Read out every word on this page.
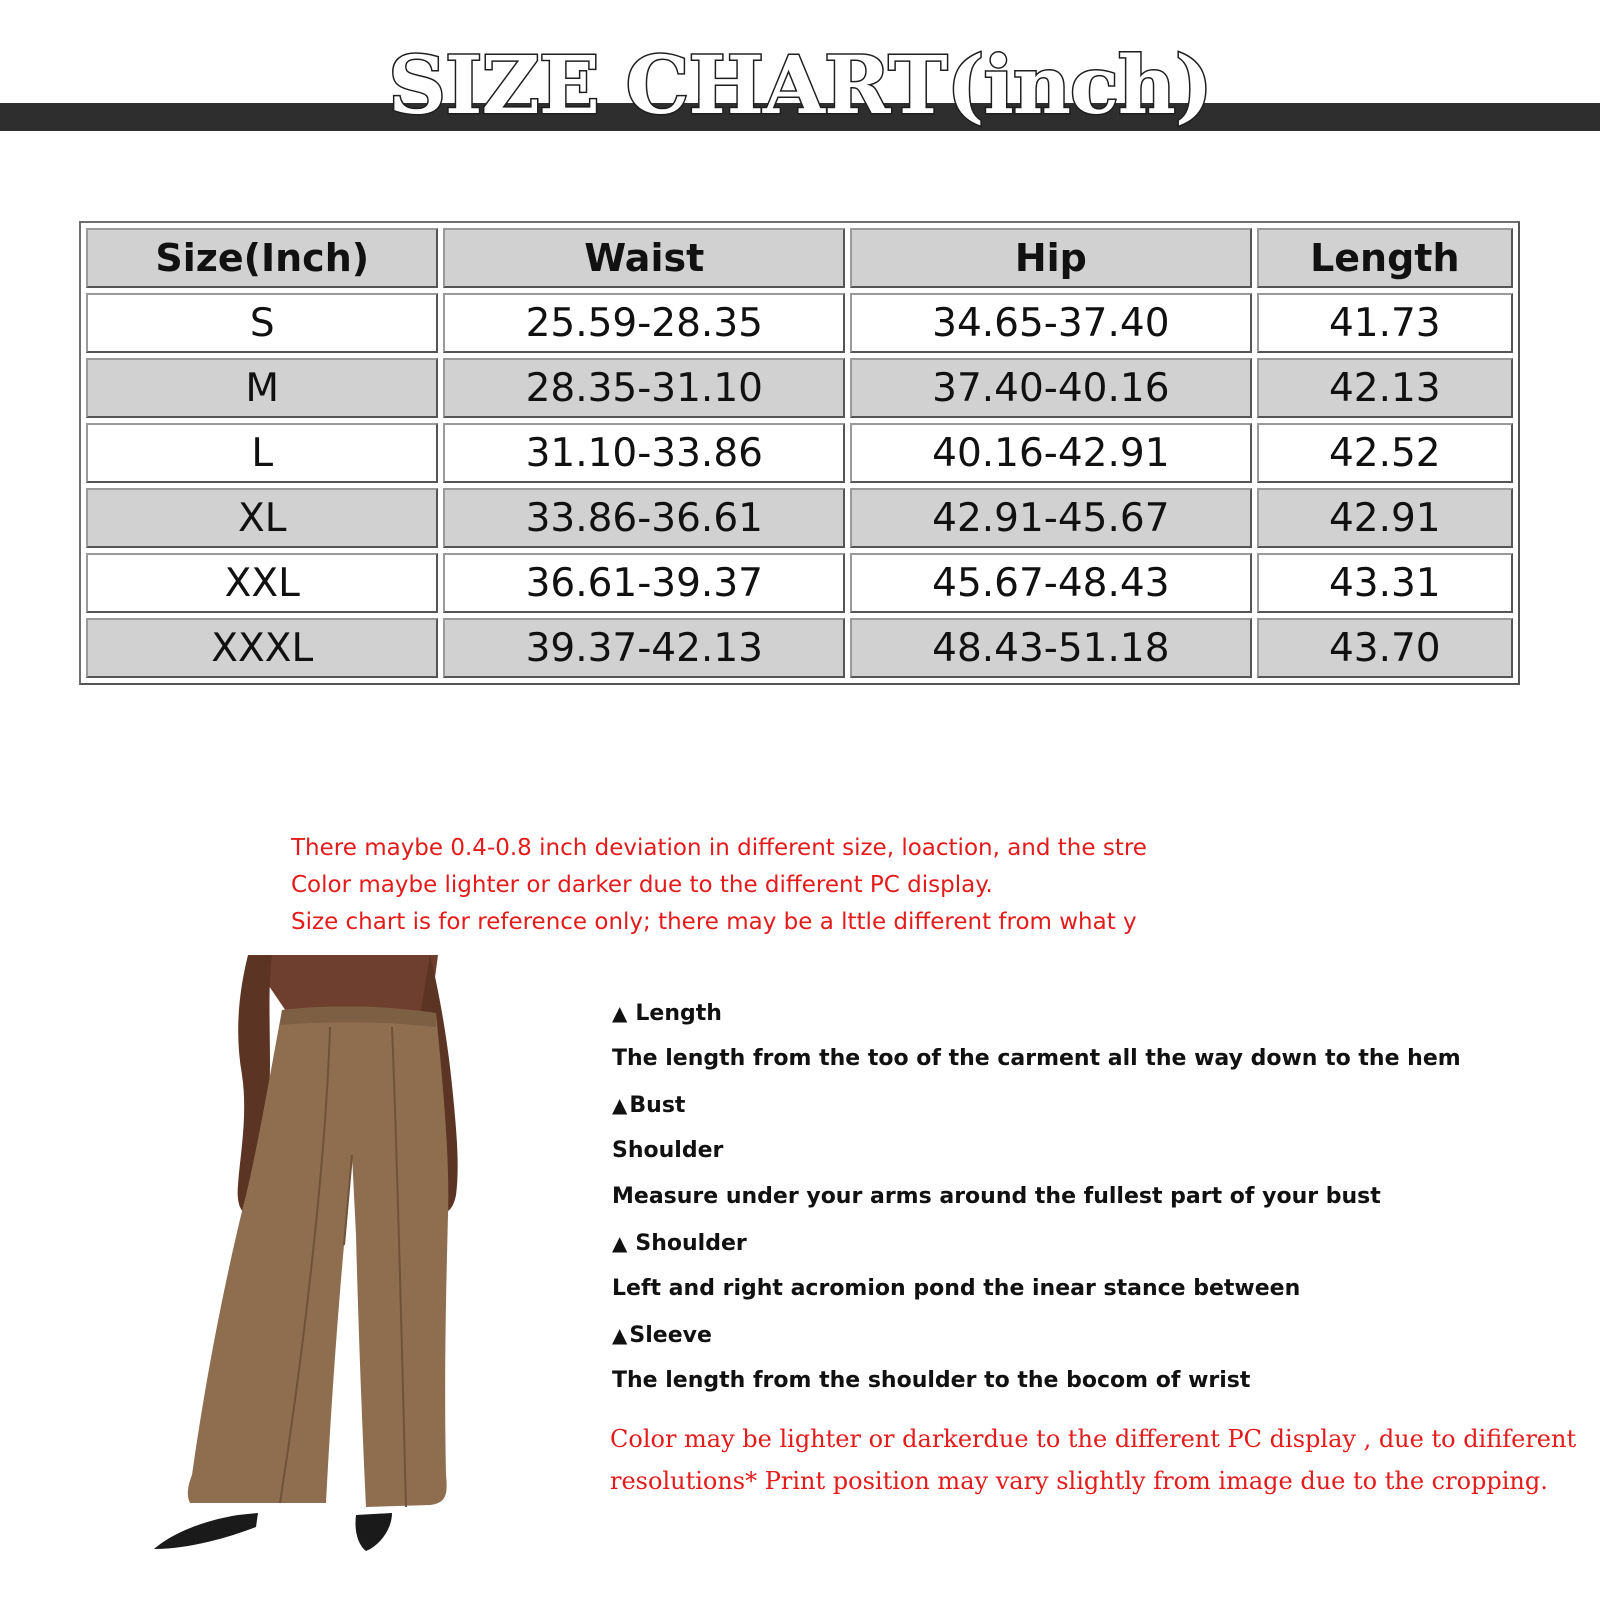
SIZE CHART(inch)
Size(Inch)	Waist	Hip	Length
S	25.59-28.35	34.65-37.40	41.73
M	28.35-31.10	37.40-40.16	42.13
L	31.10-33.86	40.16-42.91	42.52
XL	33.86-36.61	42.91-45.67	42.91
XXL	36.61-39.37	45.67-48.43	43.31
XXXL	39.37-42.13	48.43-51.18	43.70
There maybe 0.4-0.8 inch deviation in different size, loaction, and the stre
Color maybe lighter or darker due to the different PC display.
Size chart is for reference only; there may be a lttle different from what y
▲ Length
The length from the too of the carment all the way down to the hem
▲Bust
Shoulder
Measure under your arms around the fullest part of your bust
▲ Shoulder
Left and right acromion pond the inear stance between
▲Sleeve
The length from the shoulder to the bocom of wrist
Color may be lighter or darkerdue to the different PC display , due to dififerent
resolutions* Print position may vary slightly from image due to the cropping.
